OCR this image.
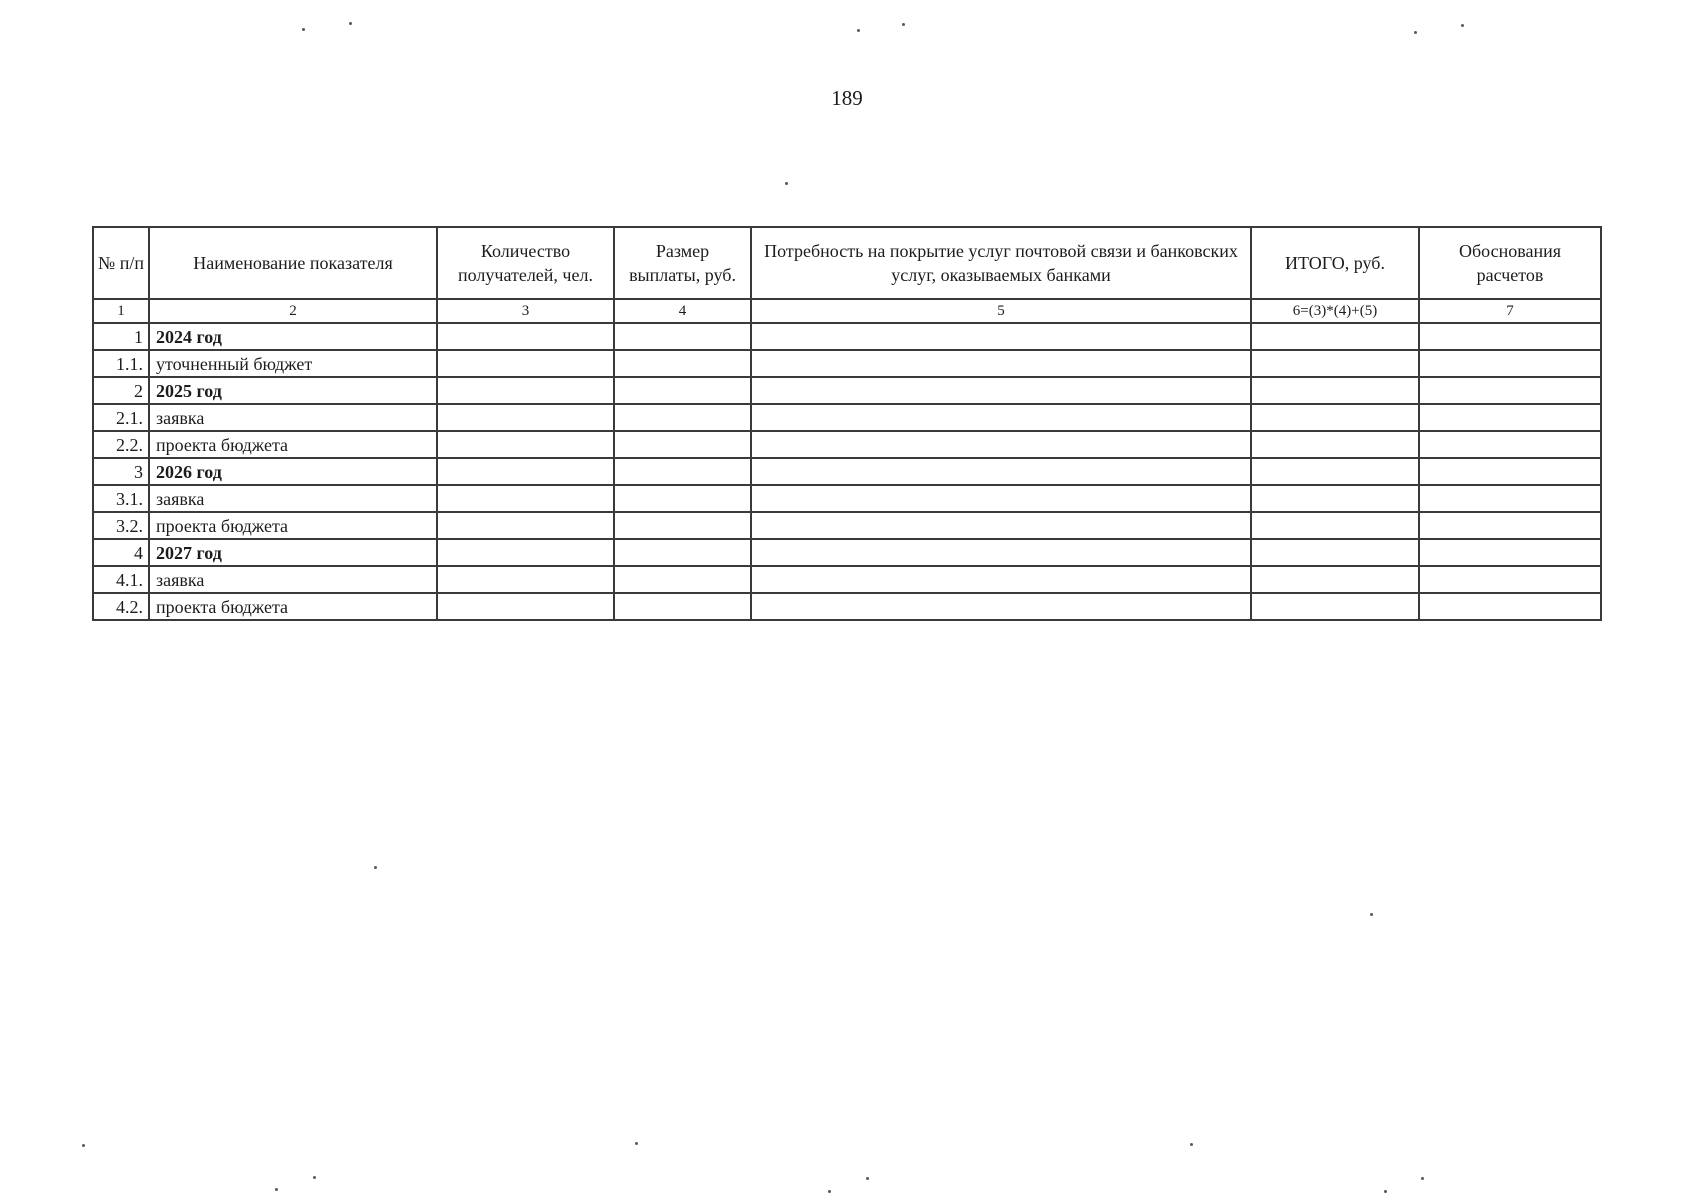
189
№ п/п	Наименование показателя	Количество получателей, чел.	Размер выплаты, руб.	Потребность на покрытие услуг почтовой связи и банковских услуг, оказываемых банками	ИТОГО, руб.	Обоснования расчетов
1	2	3	4	5	6=(3)*(4)+(5)	7
1	2024 год					
1.1.	уточненный бюджет					
2	2025 год					
2.1.	заявка					
2.2.	проекта бюджета					
3	2026 год					
3.1.	заявка					
3.2.	проекта бюджета					
4	2027 год					
4.1.	заявка					
4.2.	проекта бюджета					
